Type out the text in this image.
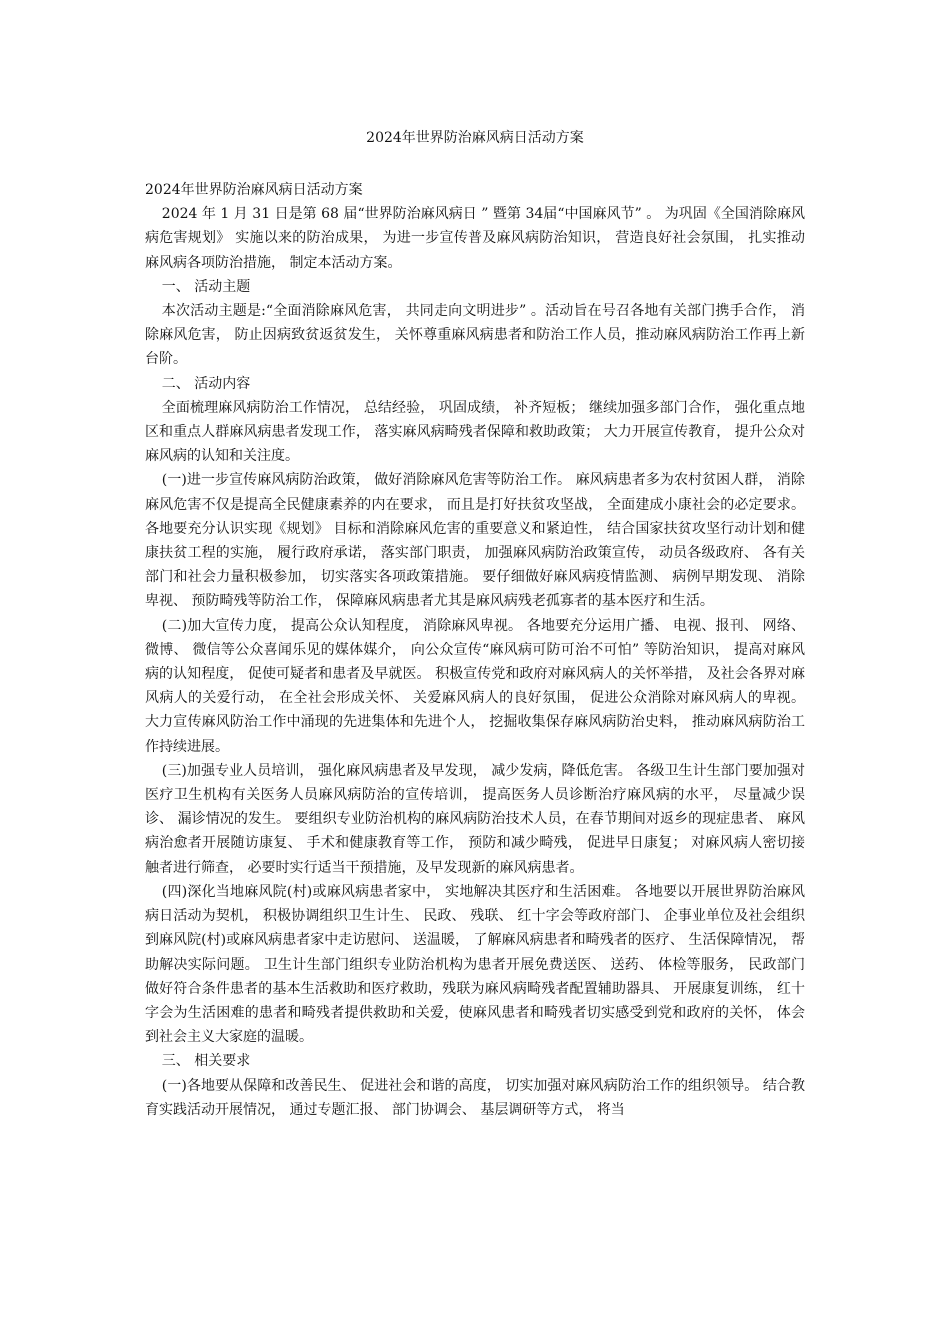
2024年世界防治麻风病日活动方案

2024年世界防治麻风病日活动方案

2024 年 1 月 31 日是第 68 届“世界防治麻风病日 ” 暨第 34届“中国麻风节” 。 为巩固《全国消除麻风病危害规划》 实施以来的防治成果， 为进一步宣传普及麻风病防治知识， 营造良好社会氛围， 扎实推动麻风病各项防治措施， 制定本活动方案。

一、 活动主题

本次活动主题是:“全面消除麻风危害， 共同走向文明进步” 。活动旨在号召各地有关部门携手合作， 消除麻风危害， 防止因病致贫返贫发生， 关怀尊重麻风病患者和防治工作人员，推动麻风病防治工作再上新台阶。

二、 活动内容

全面梳理麻风病防治工作情况， 总结经验， 巩固成绩， 补齐短板； 继续加强多部门合作， 强化重点地区和重点人群麻风病患者发现工作， 落实麻风病畸残者保障和救助政策； 大力开展宣传教育， 提升公众对麻风病的认知和关注度。

(一)进一步宣传麻风病防治政策， 做好消除麻风危害等防治工作。 麻风病患者多为农村贫困人群， 消除麻风危害不仅是提高全民健康素养的内在要求， 而且是打好扶贫攻坚战， 全面建成小康社会的必定要求。 各地要充分认识实现《规划》 目标和消除麻风危害的重要意义和紧迫性， 结合国家扶贫攻坚行动计划和健康扶贫工程的实施， 履行政府承诺， 落实部门职责， 加强麻风病防治政策宣传， 动员各级政府、 各有关部门和社会力量积极参加， 切实落实各项政策措施。 要仔细做好麻风病疫情监测、 病例早期发现、 消除卑视、 预防畸残等防治工作， 保障麻风病患者尤其是麻风病残老孤寡者的基本医疗和生活。

(二)加大宣传力度， 提高公众认知程度， 消除麻风卑视。 各地要充分运用广播、 电视、报刊、 网络、 微博、 微信等公众喜闻乐见的媒体媒介， 向公众宣传“麻风病可防可治不可怕” 等防治知识， 提高对麻风病的认知程度， 促使可疑者和患者及早就医。 积极宣传党和政府对麻风病人的关怀举措， 及社会各界对麻风病人的关爱行动， 在全社会形成关怀、 关爱麻风病人的良好氛围， 促进公众消除对麻风病人的卑视。 大力宣传麻风防治工作中涌现的先进集体和先进个人， 挖掘收集保存麻风病防治史料， 推动麻风病防治工作持续进展。

(三)加强专业人员培训， 强化麻风病患者及早发现， 减少发病，降低危害。 各级卫生计生部门要加强对医疗卫生机构有关医务人员麻风病防治的宣传培训， 提高医务人员诊断治疗麻风病的水平， 尽量减少误诊、 漏诊情况的发生。 要组织专业防治机构的麻风病防治技术人员，在春节期间对返乡的现症患者、 麻风病治愈者开展随访康复、 手术和健康教育等工作， 预防和减少畸残， 促进早日康复； 对麻风病人密切接触者进行筛查， 必要时实行适当干预措施，及早发现新的麻风病患者。

(四)深化当地麻风院(村)或麻风病患者家中， 实地解决其医疗和生活困难。 各地要以开展世界防治麻风病日活动为契机， 积极协调组织卫生计生、 民政、 残联、 红十字会等政府部门、 企事业单位及社会组织到麻风院(村)或麻风病患者家中走访慰问、 送温暖， 了解麻风病患者和畸残者的医疗、 生活保障情况， 帮助解决实际问题。 卫生计生部门组织专业防治机构为患者开展免费送医、 送药、 体检等服务， 民政部门做好符合条件患者的基本生活救助和医疗救助，残联为麻风病畸残者配置辅助器具、 开展康复训练， 红十字会为生活困难的患者和畸残者提供救助和关爱，使麻风患者和畸残者切实感受到党和政府的关怀， 体会到社会主义大家庭的温暖。

三、 相关要求

(一)各地要从保障和改善民生、 促进社会和谐的高度， 切实加强对麻风病防治工作的组织领导。 结合教育实践活动开展情况， 通过专题汇报、 部门协调会、 基层调研等方式， 将当
